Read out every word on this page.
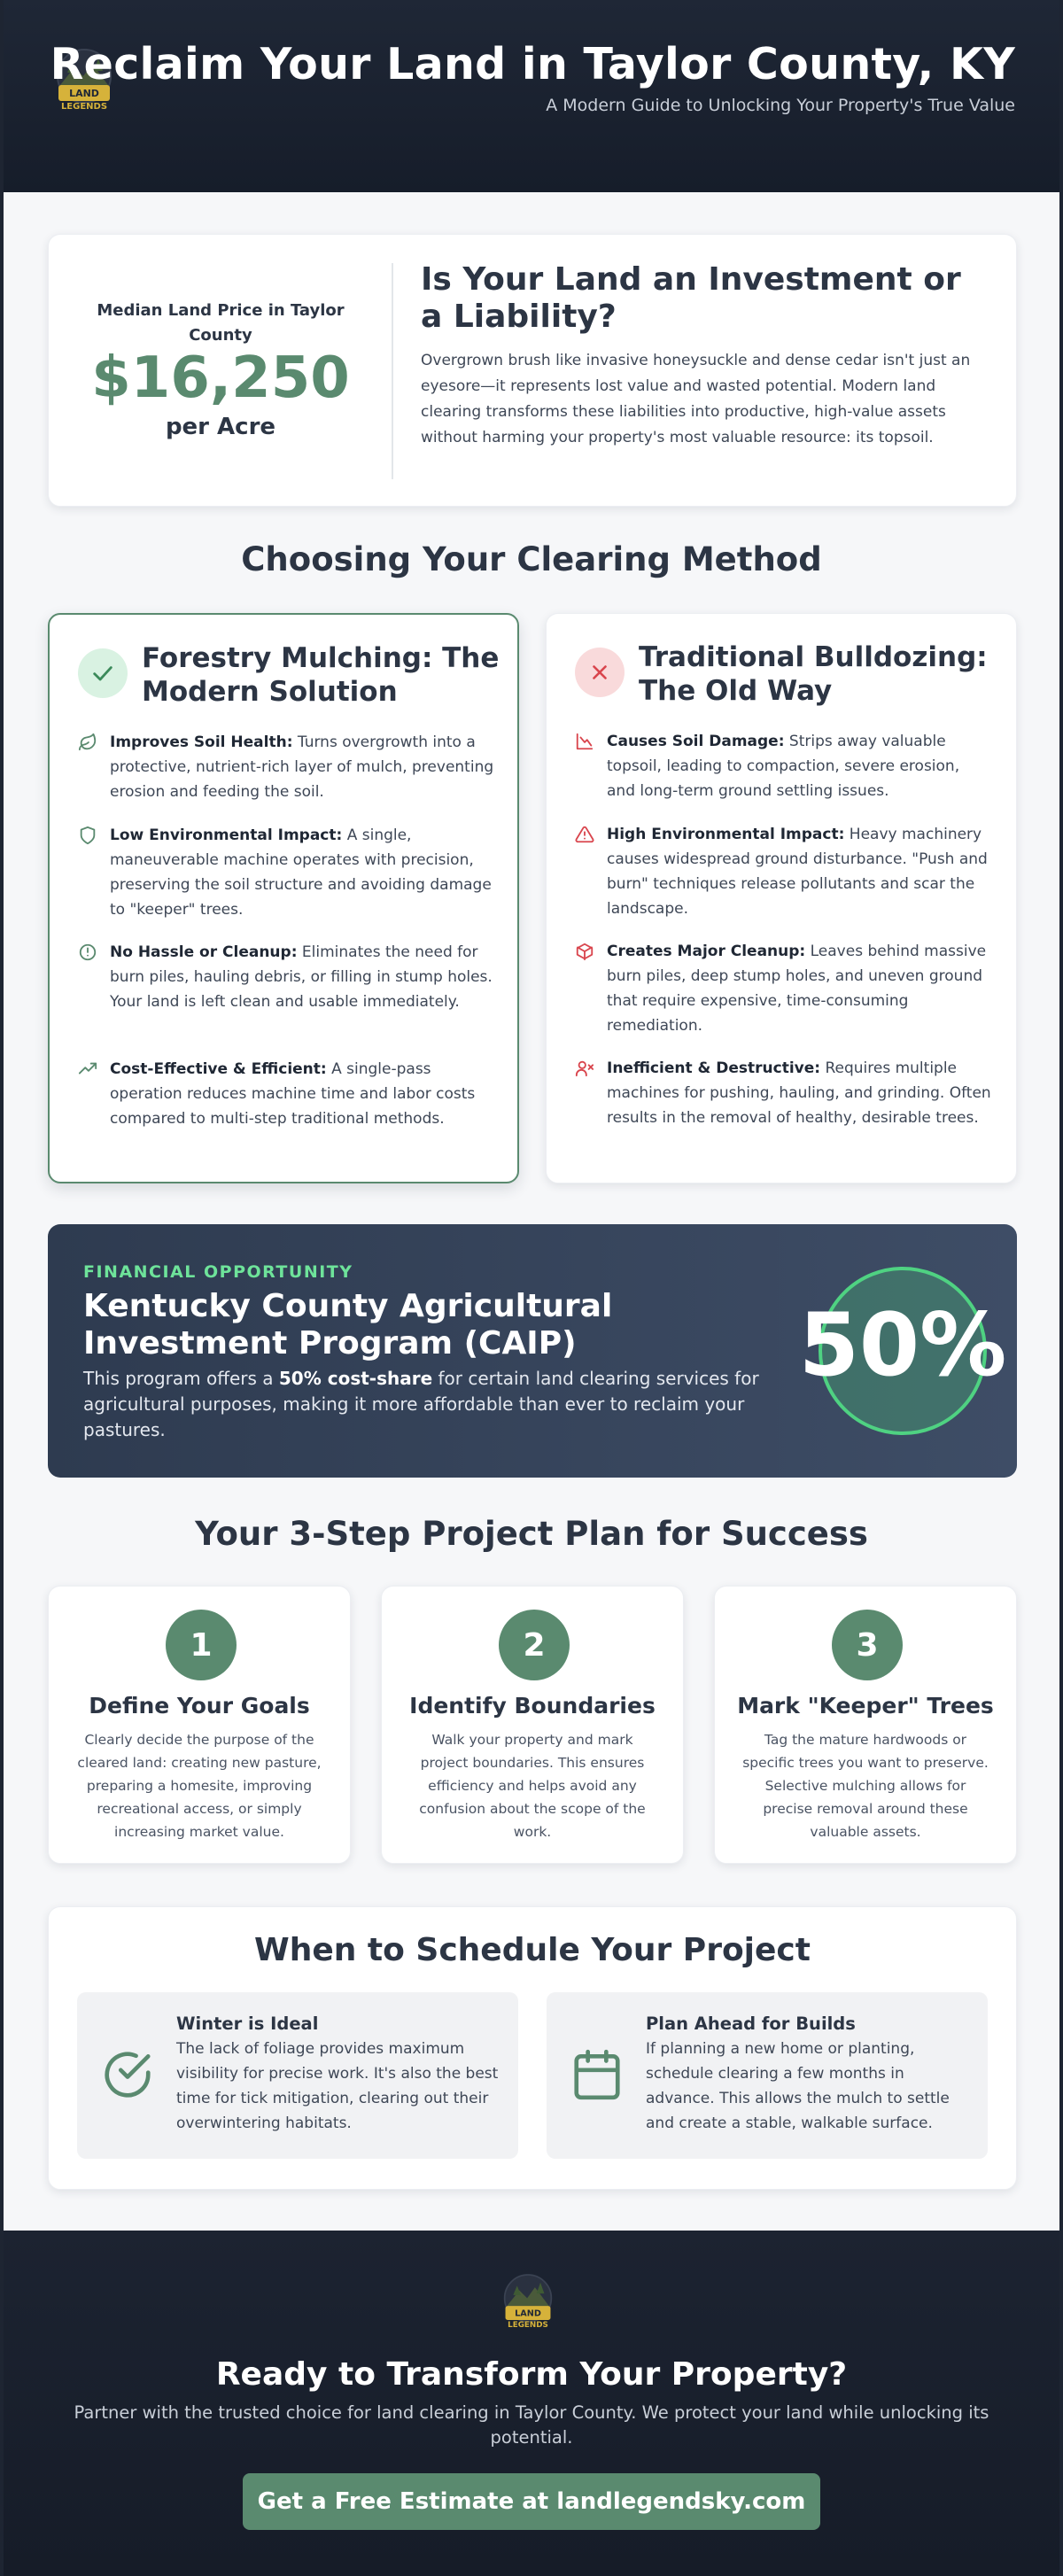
LAND
LEGENDS
Reclaim Your Land in Taylor County, KY
A Modern Guide to Unlocking Your Property's True Value
Median Land Price in Taylor County
$16,250
per Acre
Is Your Land an Investment or a Liability?

Overgrown brush like invasive honeysuckle and dense cedar isn't just an eyesore—it represents lost value and wasted potential. Modern land clearing transforms these liabilities into productive, high-value assets without harming your property's most valuable resource: its topsoil.

Choosing Your Clearing Method
Forestry Mulching: The Modern Solution

Improves Soil Health: Turns overgrowth into a protective, nutrient-rich layer of mulch, preventing erosion and feeding the soil.

Low Environmental Impact: A single, maneuverable machine operates with precision, preserving the soil structure and avoiding damage to "keeper" trees.

No Hassle or Cleanup: Eliminates the need for burn piles, hauling debris, or filling in stump holes. Your land is left clean and usable immediately.

Cost-Effective & Efficient: A single-pass operation reduces machine time and labor costs compared to multi-step traditional methods.

Traditional Bulldozing: The Old Way

Causes Soil Damage: Strips away valuable topsoil, leading to compaction, severe erosion, and long-term ground settling issues.

High Environmental Impact: Heavy machinery causes widespread ground disturbance. "Push and burn" techniques release pollutants and scar the landscape.

Creates Major Cleanup: Leaves behind massive burn piles, deep stump holes, and uneven ground that require expensive, time-consuming remediation.

Inefficient & Destructive: Requires multiple machines for pushing, hauling, and grinding. Often results in the removal of healthy, desirable trees.

FINANCIAL OPPORTUNITY
Kentucky County Agricultural Investment Program (CAIP)

This program offers a 50% cost-share for certain land clearing services for agricultural purposes, making it more affordable than ever to reclaim your pastures.

50%
Your 3-Step Project Plan for Success
1
Define Your Goals

Clearly decide the purpose of the cleared land: creating new pasture, preparing a homesite, improving recreational access, or simply increasing market value.

2
Identify Boundaries

Walk your property and mark project boundaries. This ensures efficiency and helps avoid any confusion about the scope of the work.

3
Mark "Keeper" Trees

Tag the mature hardwoods or specific trees you want to preserve. Selective mulching allows for precise removal around these valuable assets.

When to Schedule Your Project
Winter is Ideal

The lack of foliage provides maximum visibility for precise work. It's also the best time for tick mitigation, clearing out their overwintering habitats.

Plan Ahead for Builds

If planning a new home or planting, schedule clearing a few months in advance. This allows the mulch to settle and create a stable, walkable surface.

LAND
LEGENDS
Ready to Transform Your Property?

Partner with the trusted choice for land clearing in Taylor County. We protect your land while unlocking its potential.

Get a Free Estimate at landlegendsky.com
